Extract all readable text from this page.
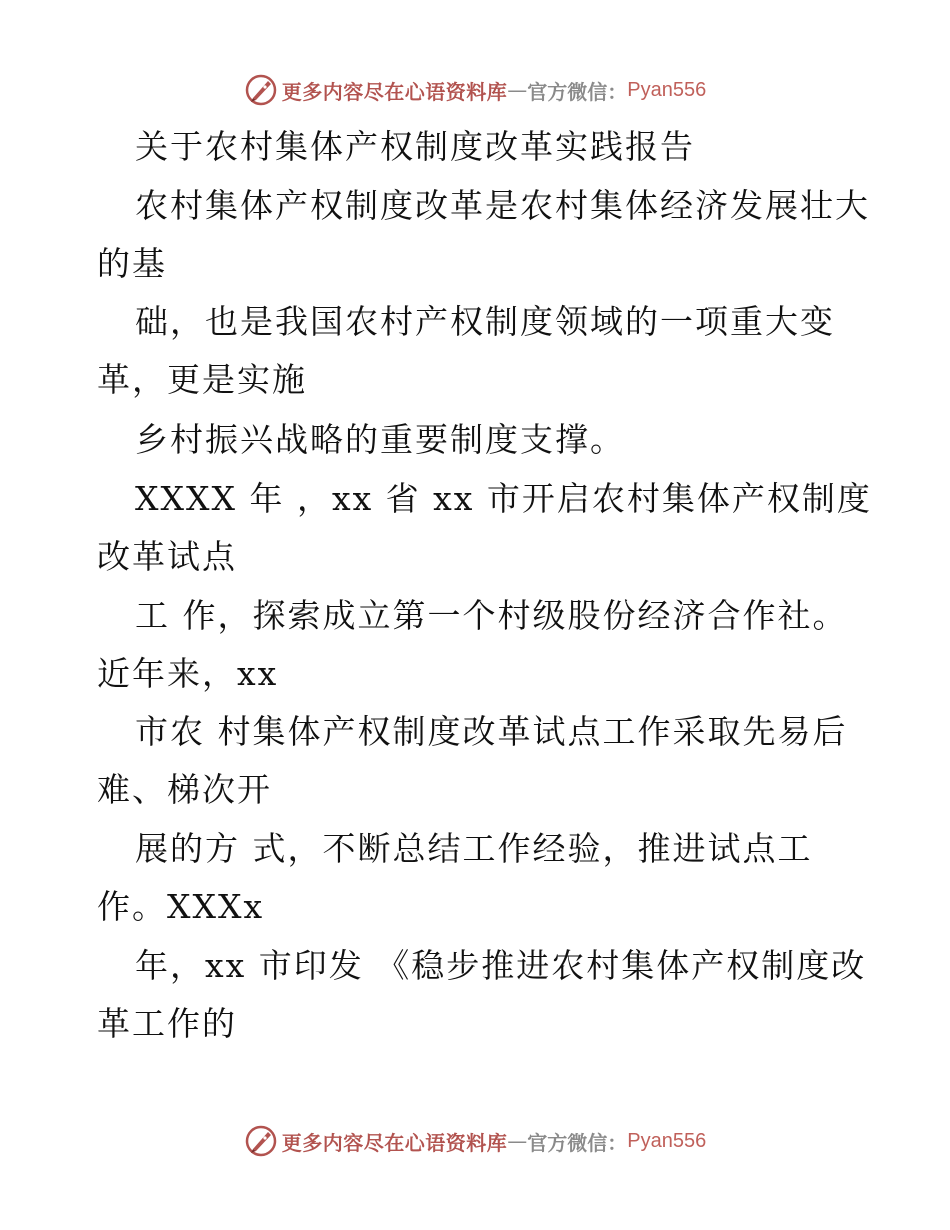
更多内容尽在心语资料库 — 官方微信： Pyan556
关于农村集体产权制度改革实践报告
农村集体产权制度改革是农村集体经济发展壮大
的基
础，也是我国农村产权制度领域的一项重大变
革，更是实施
乡村振兴战略的重要制度支撑。
XXXX 年 ，xx 省 xx 市开启农村集体产权制度
改革试点
工 作，探索成立第一个村级股份经济合作社。
近年来，xx
市农 村集体产权制度改革试点工作采取先易后
难、梯次开
展的方 式，不断总结工作经验，推进试点工
作。XXXx
年，xx 市印发 《稳步推进农村集体产权制度改
革工作的
更多内容尽在心语资料库 — 官方微信： Pyan556
